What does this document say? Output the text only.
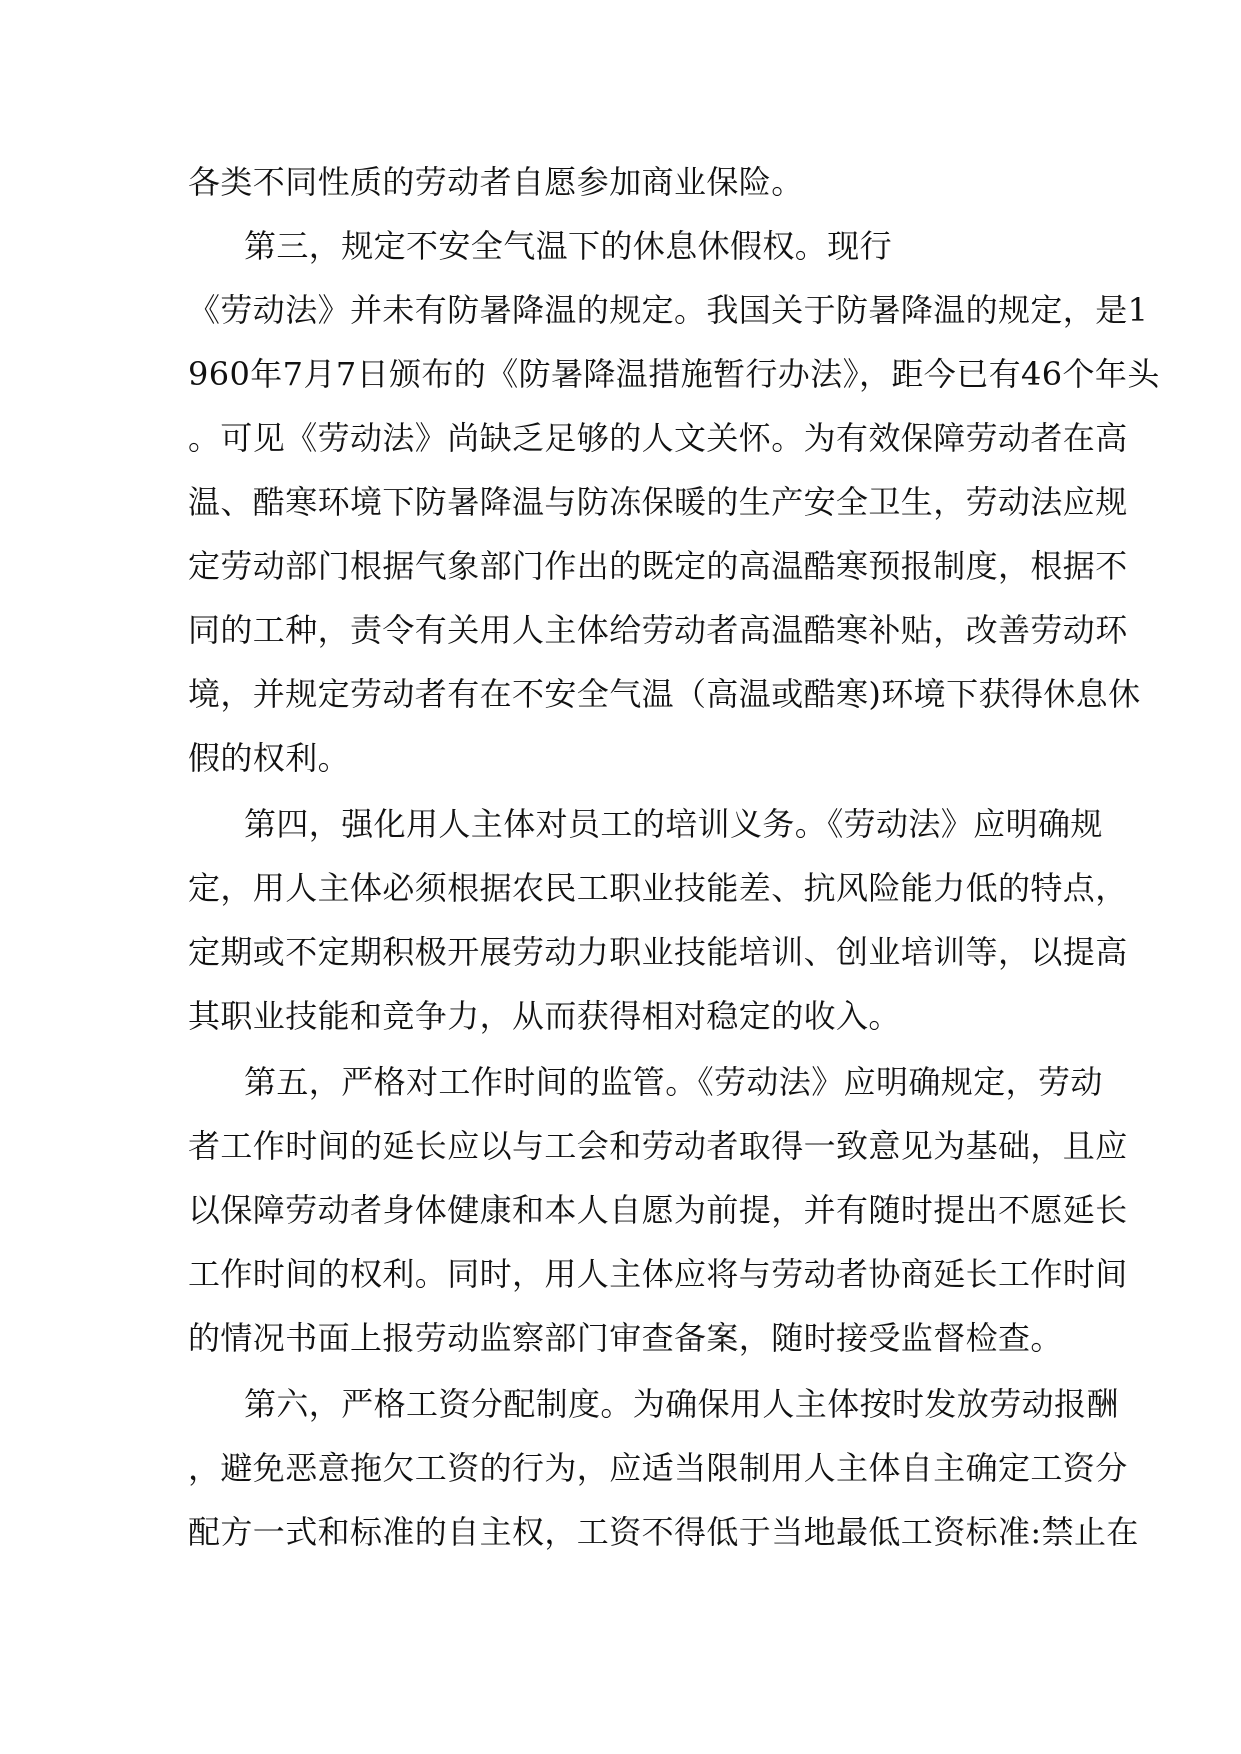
各类不同性质的劳动者自愿参加商业保险。
第三，规定不安全气温下的休息休假权。现行
《劳动法》并未有防暑降温的规定。我国关于防暑降温的规定，是1
960年7月7日颁布的《防暑降温措施暂行办法》，距今已有46个年头
。可见《劳动法》尚缺乏足够的人文关怀。为有效保障劳动者在高
温、酷寒环境下防暑降温与防冻保暖的生产安全卫生，劳动法应规
定劳动部门根据气象部门作出的既定的高温酷寒预报制度，根据不
同的工种，责令有关用人主体给劳动者高温酷寒补贴，改善劳动环
境，并规定劳动者有在不安全气温（高温或酷寒)环境下获得休息休
假的权利。
第四，强化用人主体对员工的培训义务。《劳动法》应明确规
定，用人主体必须根据农民工职业技能差、抗风险能力低的特点，
定期或不定期积极开展劳动力职业技能培训、创业培训等，以提高
其职业技能和竞争力，从而获得相对稳定的收入。
第五，严格对工作时间的监管。《劳动法》应明确规定，劳动
者工作时间的延长应以与工会和劳动者取得一致意见为基础，且应
以保障劳动者身体健康和本人自愿为前提，并有随时提出不愿延长
工作时间的权利。同时，用人主体应将与劳动者协商延长工作时间
的情况书面上报劳动监察部门审查备案，随时接受监督检查。
第六，严格工资分配制度。为确保用人主体按时发放劳动报酬
，避免恶意拖欠工资的行为，应适当限制用人主体自主确定工资分
配方一式和标准的自主权，工资不得低于当地最低工资标准:禁止在
